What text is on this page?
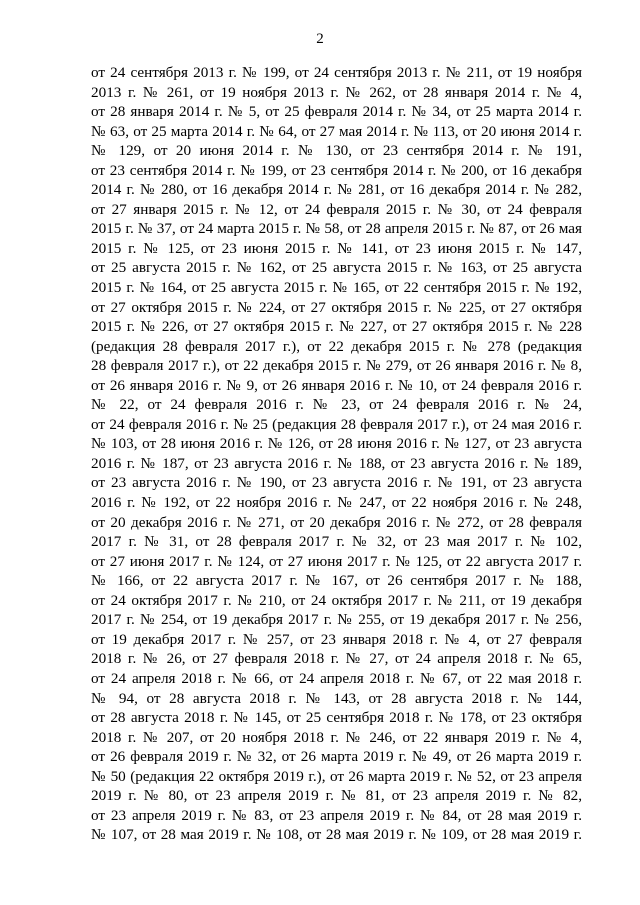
2
от 24 сентября 2013 г. № 199, от 24 сентября 2013 г. № 211, от 19 ноября
2013 г. № 261, от 19 ноября 2013 г. № 262, от 28 января 2014 г. № 4,
от 28 января 2014 г. № 5, от 25 февраля 2014 г. № 34, от 25 марта 2014 г.
№ 63, от 25 марта 2014 г. № 64, от 27 мая 2014 г. № 113, от 20 июня 2014 г.
№ 129, от 20 июня 2014 г. № 130, от 23 сентября 2014 г. № 191,
от 23 сентября 2014 г. № 199, от 23 сентября 2014 г. № 200, от 16 декабря
2014 г. № 280, от 16 декабря 2014 г. № 281, от 16 декабря 2014 г. № 282,
от 27 января 2015 г. № 12, от 24 февраля 2015 г. № 30, от 24 февраля
2015 г. № 37, от 24 марта 2015 г. № 58, от 28 апреля 2015 г. № 87, от 26 мая
2015 г. № 125, от 23 июня 2015 г. № 141, от 23 июня 2015 г. № 147,
от 25 августа 2015 г. № 162, от 25 августа 2015 г. № 163, от 25 августа
2015 г. № 164, от 25 августа 2015 г. № 165, от 22 сентября 2015 г. № 192,
от 27 октября 2015 г. № 224, от 27 октября 2015 г. № 225, от 27 октября
2015 г. № 226, от 27 октября 2015 г. № 227, от 27 октября 2015 г. № 228
(редакция 28 февраля 2017 г.), от 22 декабря 2015 г. № 278 (редакция
28 февраля 2017 г.), от 22 декабря 2015 г. № 279, от 26 января 2016 г. № 8,
от 26 января 2016 г. № 9, от 26 января 2016 г. № 10, от 24 февраля 2016 г.
№ 22, от 24 февраля 2016 г. № 23, от 24 февраля 2016 г. № 24,
от 24 февраля 2016 г. № 25 (редакция 28 февраля 2017 г.), от 24 мая 2016 г.
№ 103, от 28 июня 2016 г. № 126, от 28 июня 2016 г. № 127, от 23 августа
2016 г. № 187, от 23 августа 2016 г. № 188, от 23 августа 2016 г. № 189,
от 23 августа 2016 г. № 190, от 23 августа 2016 г. № 191, от 23 августа
2016 г. № 192, от 22 ноября 2016 г. № 247, от 22 ноября 2016 г. № 248,
от 20 декабря 2016 г. № 271, от 20 декабря 2016 г. № 272, от 28 февраля
2017 г. № 31, от 28 февраля 2017 г. № 32, от 23 мая 2017 г. № 102,
от 27 июня 2017 г. № 124, от 27 июня 2017 г. № 125, от 22 августа 2017 г.
№ 166, от 22 августа 2017 г. № 167, от 26 сентября 2017 г. № 188,
от 24 октября 2017 г. № 210, от 24 октября 2017 г. № 211, от 19 декабря
2017 г. № 254, от 19 декабря 2017 г. № 255, от 19 декабря 2017 г. № 256,
от 19 декабря 2017 г. № 257, от 23 января 2018 г. № 4, от 27 февраля
2018 г. № 26, от 27 февраля 2018 г. № 27, от 24 апреля 2018 г. № 65,
от 24 апреля 2018 г. № 66, от 24 апреля 2018 г. № 67, от 22 мая 2018 г.
№ 94, от 28 августа 2018 г. № 143, от 28 августа 2018 г. № 144,
от 28 августа 2018 г. № 145, от 25 сентября 2018 г. № 178, от 23 октября
2018 г. № 207, от 20 ноября 2018 г. № 246, от 22 января 2019 г. № 4,
от 26 февраля 2019 г. № 32, от 26 марта 2019 г. № 49, от 26 марта 2019 г.
№ 50 (редакция 22 октября 2019 г.), от 26 марта 2019 г. № 52, от 23 апреля
2019 г. № 80, от 23 апреля 2019 г. № 81, от 23 апреля 2019 г. № 82,
от 23 апреля 2019 г. № 83, от 23 апреля 2019 г. № 84, от 28 мая 2019 г.
№ 107, от 28 мая 2019 г. № 108, от 28 мая 2019 г. № 109, от 28 мая 2019 г.
